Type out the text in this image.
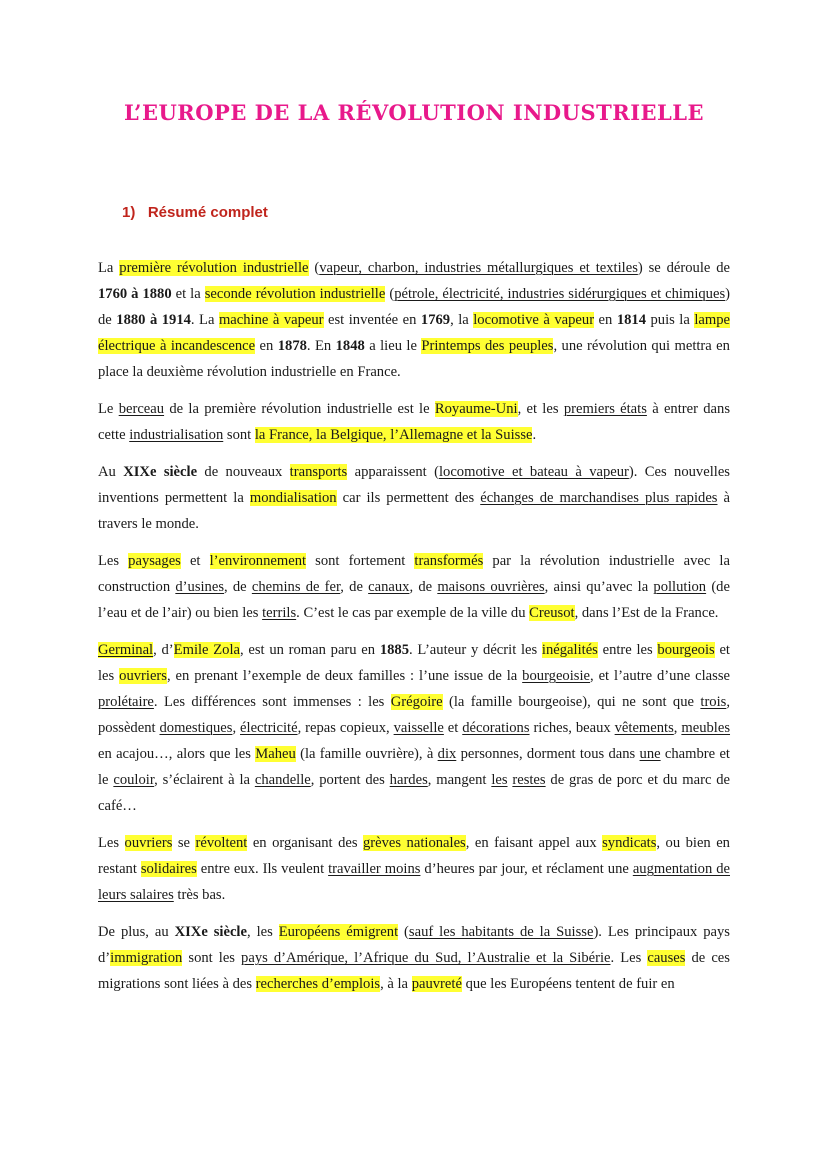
L’EUROPE DE LA RÉVOLUTION INDUSTRIELLE
1)   Résumé complet

La première révolution industrielle (vapeur, charbon, industries métallurgiques et textiles) se déroule de 1760 à 1880 et la seconde révolution industrielle (pétrole, électricité, industries sidérurgiques et chimiques) de 1880 à 1914. La machine à vapeur est inventée en 1769, la locomotive à vapeur en 1814 puis la lampe électrique à incandescence en 1878. En 1848 a lieu le Printemps des peuples, une révolution qui mettra en place la deuxième révolution industrielle en France.

Le berceau de la première révolution industrielle est le Royaume-Uni, et les premiers états à entrer dans cette industrialisation sont la France, la Belgique, l’Allemagne et la Suisse.

Au XIXe siècle de nouveaux transports apparaissent (locomotive et bateau à vapeur). Ces nouvelles inventions permettent la mondialisation car ils permettent des échanges de marchandises plus rapides à travers le monde.

Les paysages et l’environnement sont fortement transformés par la révolution industrielle avec la construction d’usines, de chemins de fer, de canaux, de maisons ouvrières, ainsi qu’avec la pollution (de l’eau et de l’air) ou bien les terrils. C’est le cas par exemple de la ville du Creusot, dans l’Est de la France.

Germinal, d’Emile Zola, est un roman paru en 1885. L’auteur y décrit les inégalités entre les bourgeois et les ouvriers, en prenant l’exemple de deux familles : l’une issue de la bourgeoisie, et l’autre d’une classe prolétaire. Les différences sont immenses : les Grégoire (la famille bourgeoise), qui ne sont que trois, possèdent domestiques, électricité, repas copieux, vaisselle et décorations riches, beaux vêtements, meubles en acajou…, alors que les Maheu (la famille ouvrière), à dix personnes, dorment tous dans une chambre et le couloir, s’éclairent à la chandelle, portent des hardes, mangent les restes de gras de porc et du marc de café…

Les ouvriers se révoltent en organisant des grèves nationales, en faisant appel aux syndicats, ou bien en restant solidaires entre eux. Ils veulent travailler moins d’heures par jour, et réclament une augmentation de leurs salaires très bas.

De plus, au XIXe siècle, les Européens émigrent (sauf les habitants de la Suisse). Les principaux pays d’immigration sont les pays d’Amérique, l’Afrique du Sud, l’Australie et la Sibérie. Les causes de ces migrations sont liées à des recherches d’emplois, à la pauvreté que les Européens tentent de fuir en
